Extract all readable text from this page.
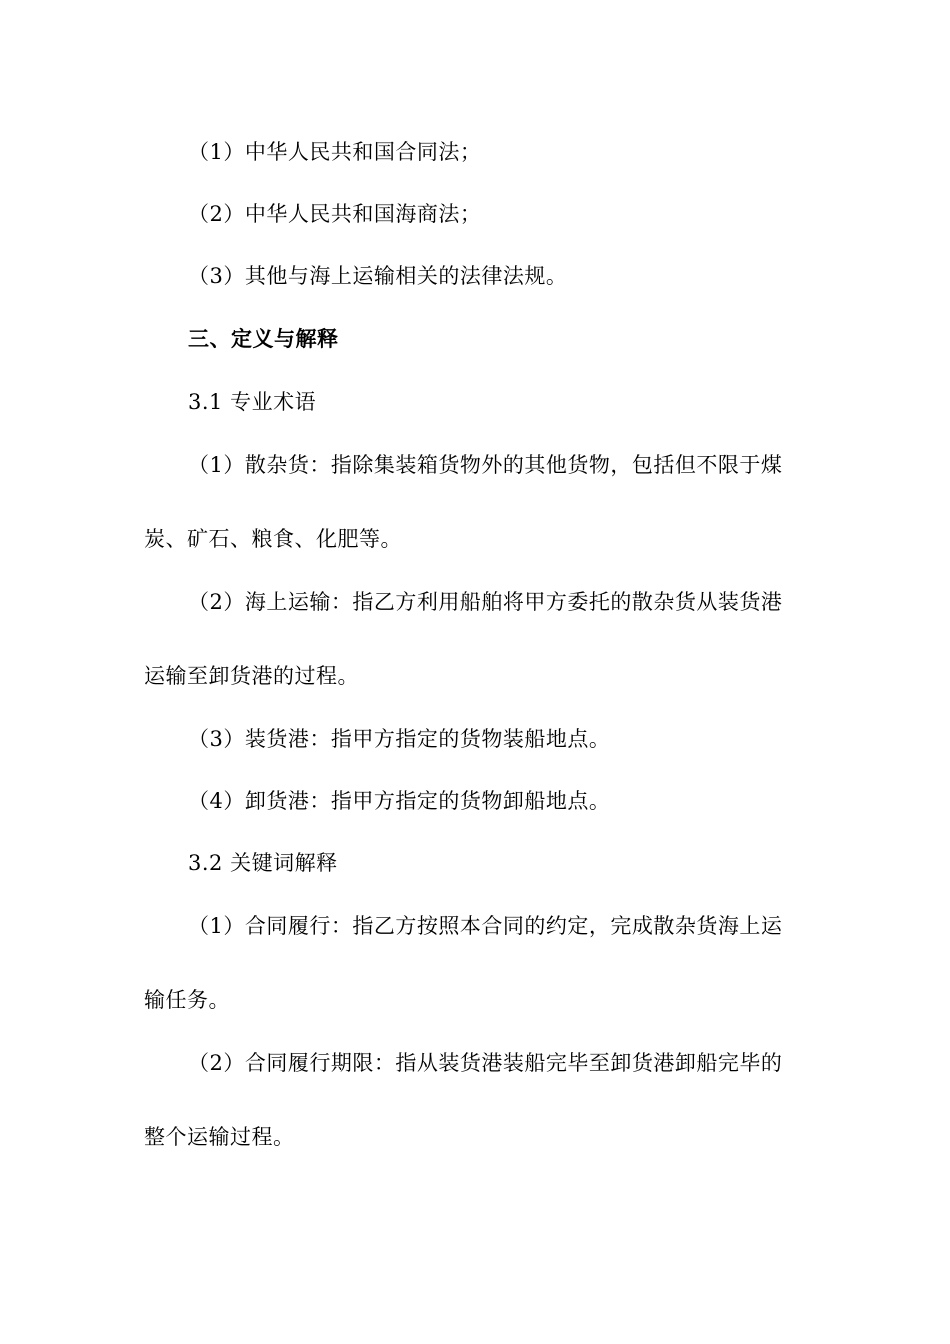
（1）中华人民共和国合同法；
（2）中华人民共和国海商法；
（3）其他与海上运输相关的法律法规。
三、定义与解释
3.1 专业术语
（1）散杂货：指除集装箱货物外的其他货物，包括但不限于煤
炭、矿石、粮食、化肥等。
（2）海上运输：指乙方利用船舶将甲方委托的散杂货从装货港
运输至卸货港的过程。
（3）装货港：指甲方指定的货物装船地点。
（4）卸货港：指甲方指定的货物卸船地点。
3.2 关键词解释
（1）合同履行：指乙方按照本合同的约定，完成散杂货海上运
输任务。
（2）合同履行期限：指从装货港装船完毕至卸货港卸船完毕的
整个运输过程。
